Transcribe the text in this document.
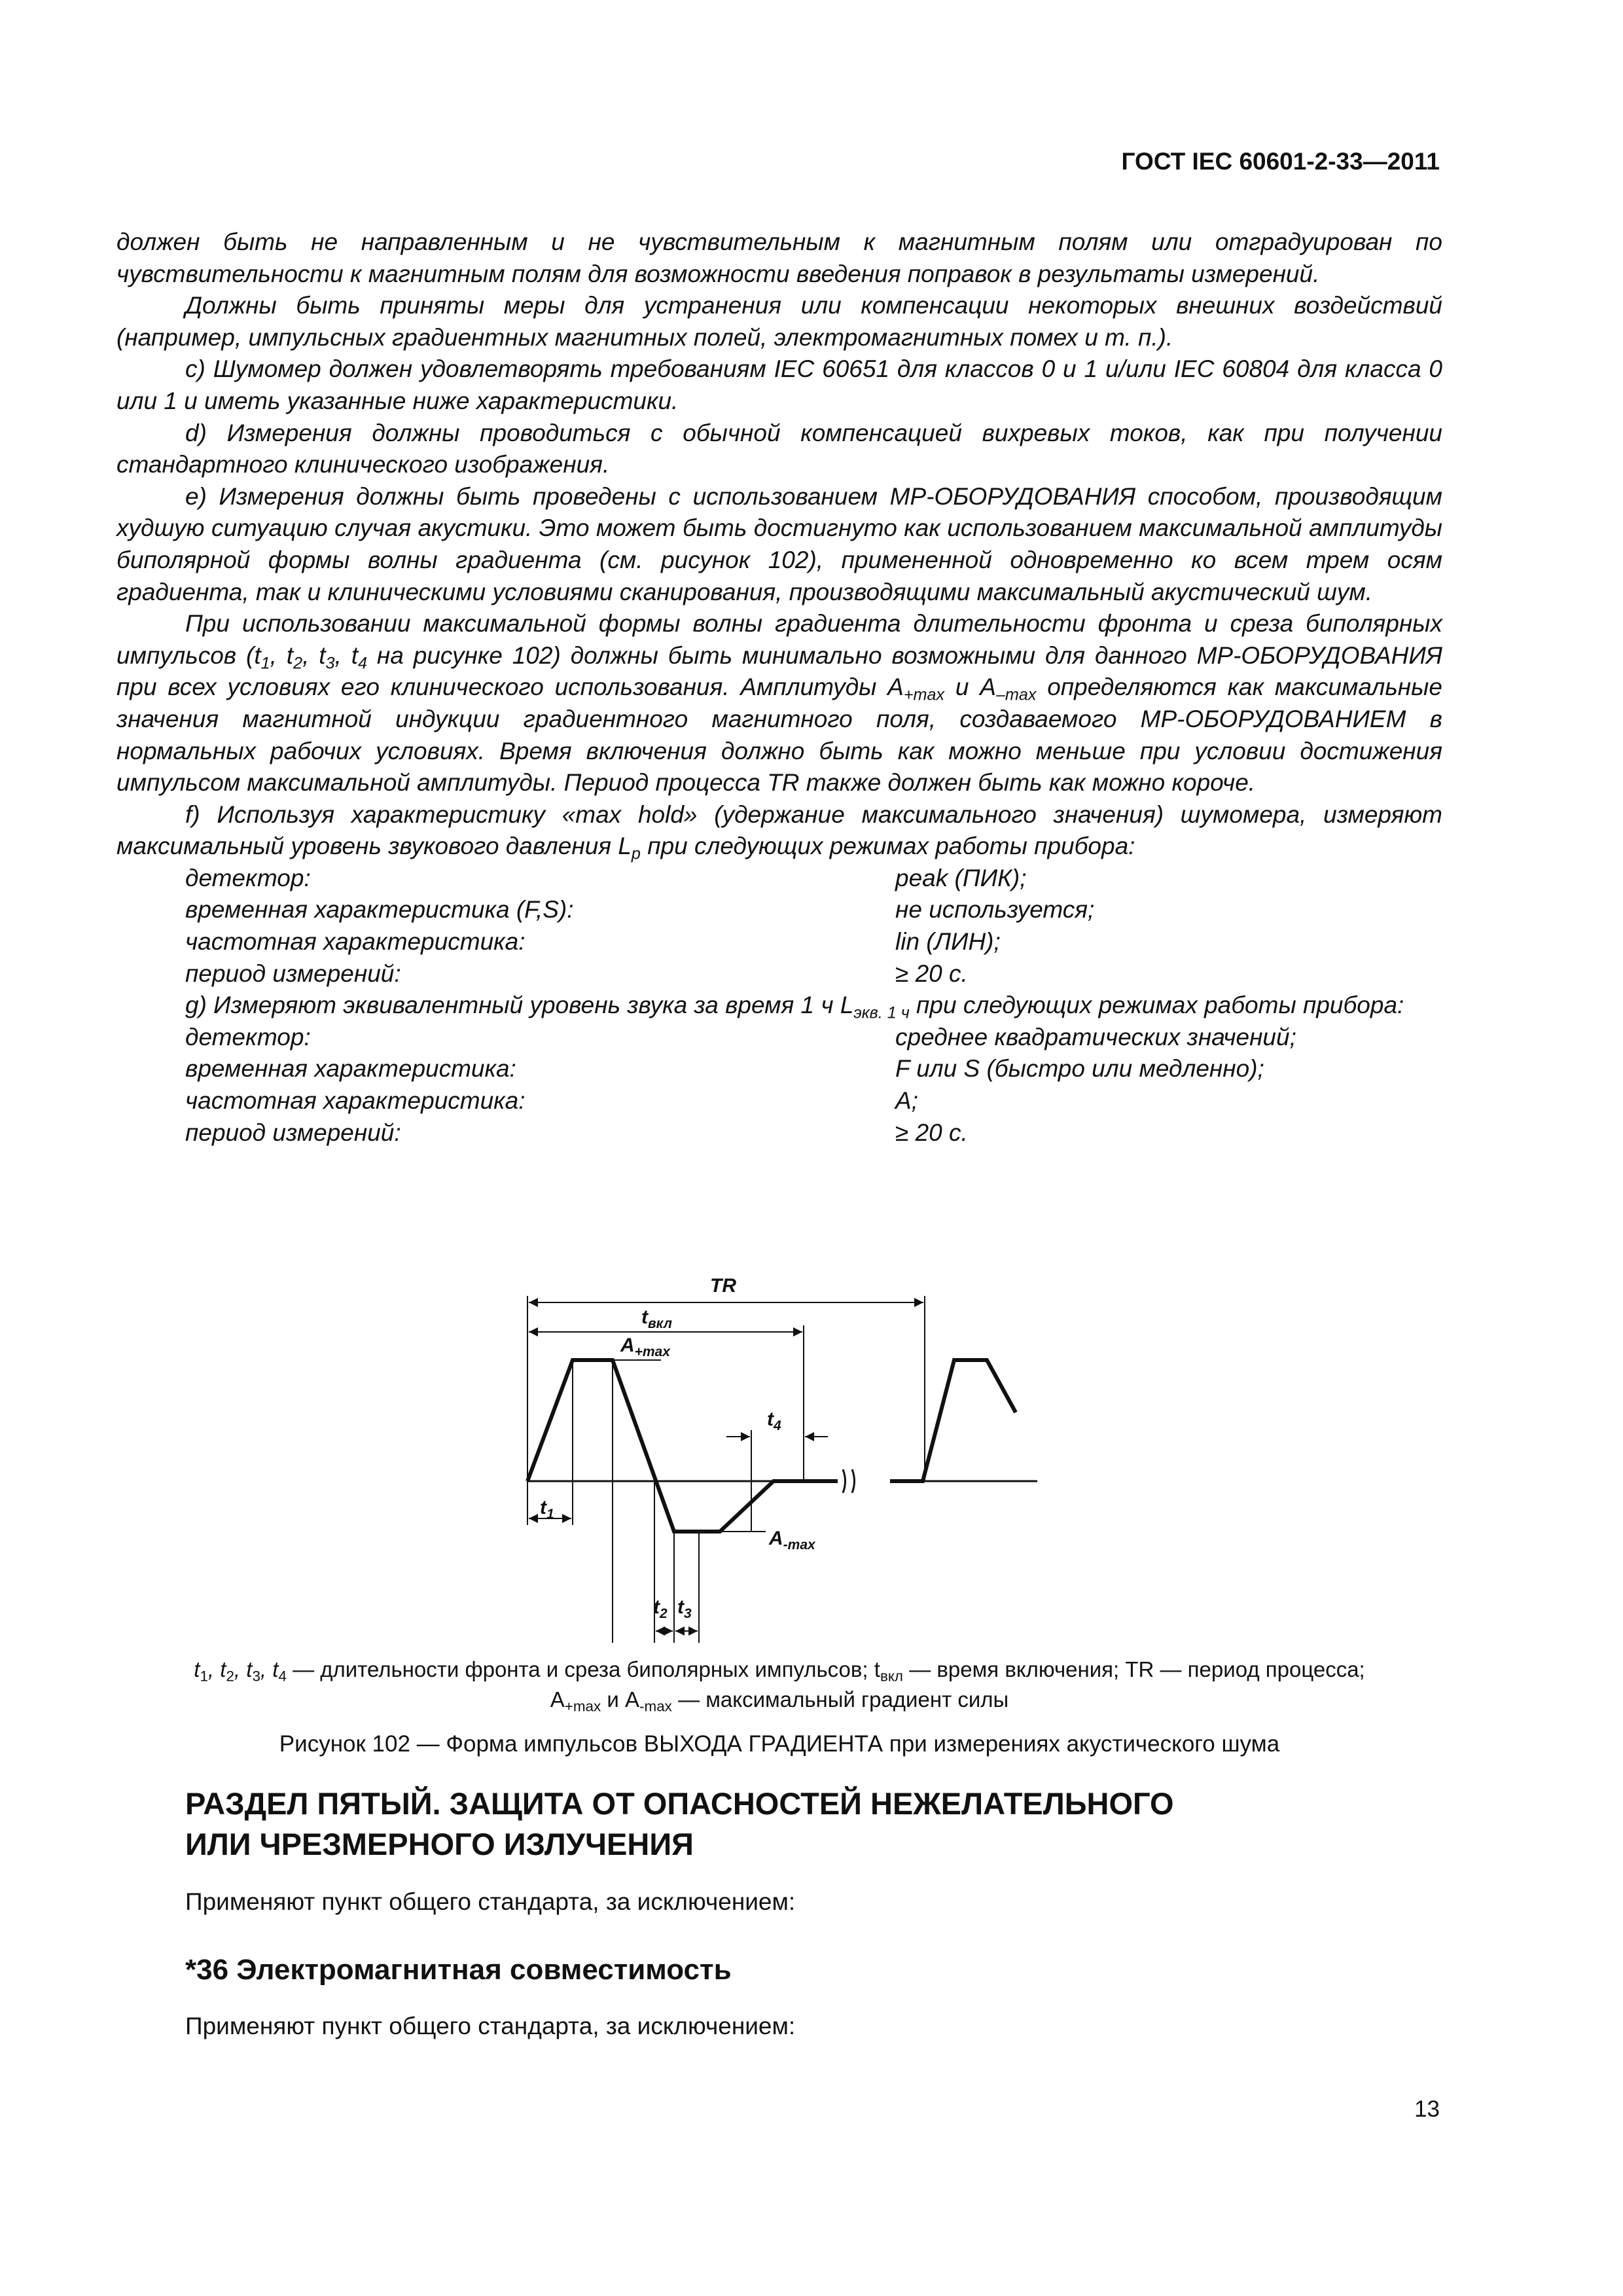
ГОСТ IEC 60601-2-33—2011

должен быть не направленным и не чувствительным к магнитным полям или отградуирован по чувствительности к магнитным полям для возможности введения поправок в результаты измерений.

Должны быть приняты меры для устранения или компенсации некоторых внешних воздействий (например, импульсных градиентных магнитных полей, электромагнитных помех и т. п.).

c) Шумомер должен удовлетворять требованиям IEC 60651 для классов 0 и 1 и/или IEC 60804 для класса 0 или 1 и иметь указанные ниже характеристики.

d) Измерения должны проводиться с обычной компенсацией вихревых токов, как при получении стандартного клинического изображения.

e) Измерения должны быть проведены с использованием МР-ОБОРУДОВАНИЯ способом, производящим худшую ситуацию случая акустики. Это может быть достигнуто как использованием максимальной амплитуды биполярной формы волны градиента (см. рисунок 102), примененной одновременно ко всем трем осям градиента, так и клиническими условиями сканирования, производящими максимальный акустический шум.

При использовании максимальной формы волны градиента длительности фронта и среза биполярных импульсов ($t_1$, $t_2$, $t_3$, $t_4$ на рисунке 102) должны быть минимально возможными для данного МР-ОБОРУДОВАНИЯ при всех условиях его клинического использования. Амплитуды $A_{+max}$ и $A_{-max}$ определяются как максимальные значения магнитной индукции градиентного магнитного поля, создаваемого МР-ОБОРУДОВАНИЕМ в нормальных рабочих условиях. Время включения должно быть как можно меньше при условии достижения импульсом максимальной амплитуды. Период процесса TR также должен быть как можно короче.

f) Используя характеристику «max hold» (удержание максимального значения) шумомера, измеряют максимальный уровень звукового давления $L_p$ при следующих режимах работы прибора:

детектор:	peak (ПИК);
временная характеристика (F,S):	не используется;
частотная характеристика:	lin (ЛИН);
период измерений:	≥ 20 с.

g) Измеряют эквивалентный уровень звука за время 1 ч $L_{экв. 1 ч}$ при следующих режимах работы прибора:

детектор:	среднее квадратических значений;
временная характеристика:	F или S (быстро или медленно);
частотная характеристика:	А;
период измерений:	≥ 20 с.
TR
$t_{вкл}$
$A_{+max}$
$A_{-max}$
$t_1$
$t_4$
$t_2$ $t_3$
$t_1$, $t_2$, $t_3$, $t_4$ — длительности фронта и среза биполярных импульсов; $t_{вкл}$ — время включения; TR — период процесса;
$A_{+max}$ и $A_{-max}$ — максимальный градиент силы
Рисунок 102 — Форма импульсов ВЫХОДА ГРАДИЕНТА при измерениях акустического шума
РАЗДЕЛ ПЯТЫЙ. ЗАЩИТА ОТ ОПАСНОСТЕЙ НЕЖЕЛАТЕЛЬНОГО
ИЛИ ЧРЕЗМЕРНОГО ИЗЛУЧЕНИЯ
Применяют пункт общего стандарта, за исключением:
*36 Электромагнитная совместимость
Применяют пункт общего стандарта, за исключением:
13
